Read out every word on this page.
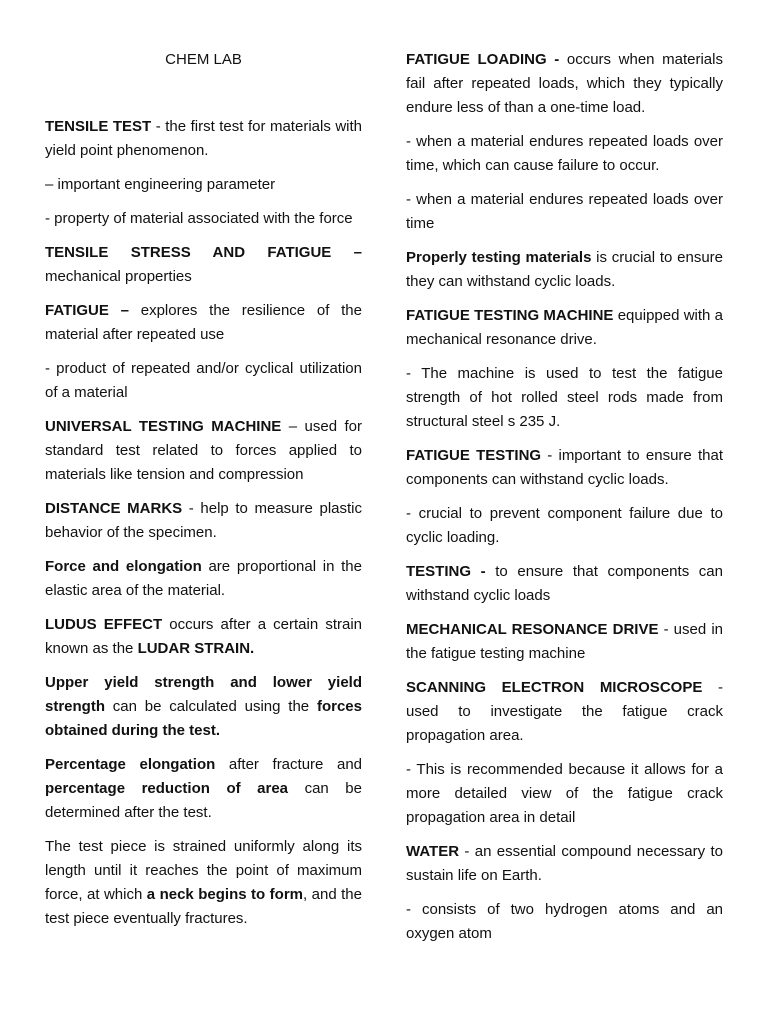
CHEM LAB

TENSILE TEST - the first test for materials with yield point phenomenon.

– important engineering parameter

- property of material associated with the force

TENSILE STRESS AND FATIGUE – mechanical properties

FATIGUE – explores the resilience of the material after repeated use

- product of repeated and/or cyclical utilization of a material

UNIVERSAL TESTING MACHINE – used for standard test related to forces applied to materials like tension and compression

DISTANCE MARKS - help to measure plastic behavior of the specimen.

Force and elongation are proportional in the elastic area of the material.

LUDUS EFFECT occurs after a certain strain known as the LUDAR STRAIN.

Upper yield strength and lower yield strength can be calculated using the forces obtained during the test.

Percentage elongation after fracture and percentage reduction of area can be determined after the test.

The test piece is strained uniformly along its length until it reaches the point of maximum force, at which a neck begins to form, and the test piece eventually fractures.

FATIGUE LOADING - occurs when materials fail after repeated loads, which they typically endure less of than a one-time load.

- when a material endures repeated loads over time, which can cause failure to occur.

- when a material endures repeated loads over time

Properly testing materials is crucial to ensure they can withstand cyclic loads.

FATIGUE TESTING MACHINE equipped with a mechanical resonance drive.

- The machine is used to test the fatigue strength of hot rolled steel rods made from structural steel s 235 J.

FATIGUE TESTING - important to ensure that components can withstand cyclic loads.

- crucial to prevent component failure due to cyclic loading.

TESTING - to ensure that components can withstand cyclic loads

MECHANICAL RESONANCE DRIVE - used in the fatigue testing machine

SCANNING ELECTRON MICROSCOPE - used to investigate the fatigue crack propagation area.

- This is recommended because it allows for a more detailed view of the fatigue crack propagation area in detail

WATER - an essential compound necessary to sustain life on Earth.

- consists of two hydrogen atoms and an oxygen atom
